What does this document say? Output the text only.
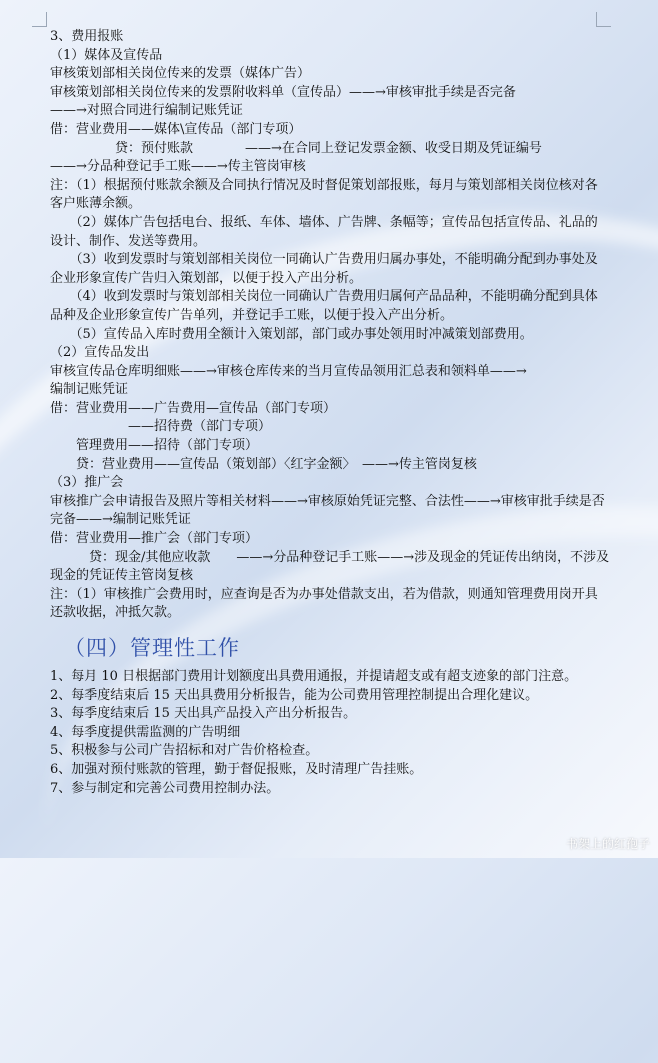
3、费用报账

（1）媒体及宣传品

审核策划部相关岗位传来的发票（媒体广告）

审核策划部相关岗位传来的发票附收料单（宣传品）——→审核审批手续是否完备

——→对照合同进行编制记账凭证

借：营业费用——媒体\宣传品（部门专项）

　　　　　贷：预付账款　　　　——→在合同上登记发票金额、收受日期及凭证编号

——→分品种登记手工账——→传主管岗审核

注：（1）根据预付账款余额及合同执行情况及时督促策划部报账，每月与策划部相关岗位核对各客户账薄余额。

　　（2）媒体广告包括电台、报纸、车体、墙体、广告牌、条幅等；宣传品包括宣传品、礼品的设计、制作、发送等费用。

　　（3）收到发票时与策划部相关岗位一同确认广告费用归属办事处，不能明确分配到办事处及企业形象宣传广告归入策划部，以便于投入产出分析。

　　（4）收到发票时与策划部相关岗位一同确认广告费用归属何产品品种，不能明确分配到具体品种及企业形象宣传广告单列，并登记手工账，以便于投入产出分析。

　　（5）宣传品入库时费用全额计入策划部，部门或办事处领用时冲减策划部费用。

（2）宣传品发出

审核宣传品仓库明细账——→审核仓库传来的当月宣传品领用汇总表和领料单——→

编制记账凭证

借：营业费用——广告费用—宣传品（部门专项）

　　　　　　——招待费（部门专项）

　　管理费用——招待（部门专项）

　　贷：营业费用——宣传品（策划部）〈红字金额〉　——→传主管岗复核

（3）推广会

审核推广会申请报告及照片等相关材料——→审核原始凭证完整、合法性——→审核审批手续是否完备——→编制记账凭证

借：营业费用—推广会（部门专项）

　　　贷：现金/其他应收款　　——→分品种登记手工账——→涉及现金的凭证传出纳岗，不涉及现金的凭证传主管岗复核

注：（1）审核推广会费用时，应查询是否为办事处借款支出，若为借款，则通知管理费用岗开具还款收据，冲抵欠款。

（四）管理性工作

1、每月 10 日根据部门费用计划额度出具费用通报，并提请超支或有超支迹象的部门注意。

2、每季度结束后 15 天出具费用分析报告，能为公司费用管理控制提出合理化建议。

3、每季度结束后 15 天出具产品投入产出分析报告。

4、每季度提供需监测的广告明细

5、积极参与公司广告招标和对广告价格检查。

6、加强对预付账款的管理，勤于督促报账，及时清理广告挂账。

7、参与制定和完善公司费用控制办法。

书架上的红孢子
